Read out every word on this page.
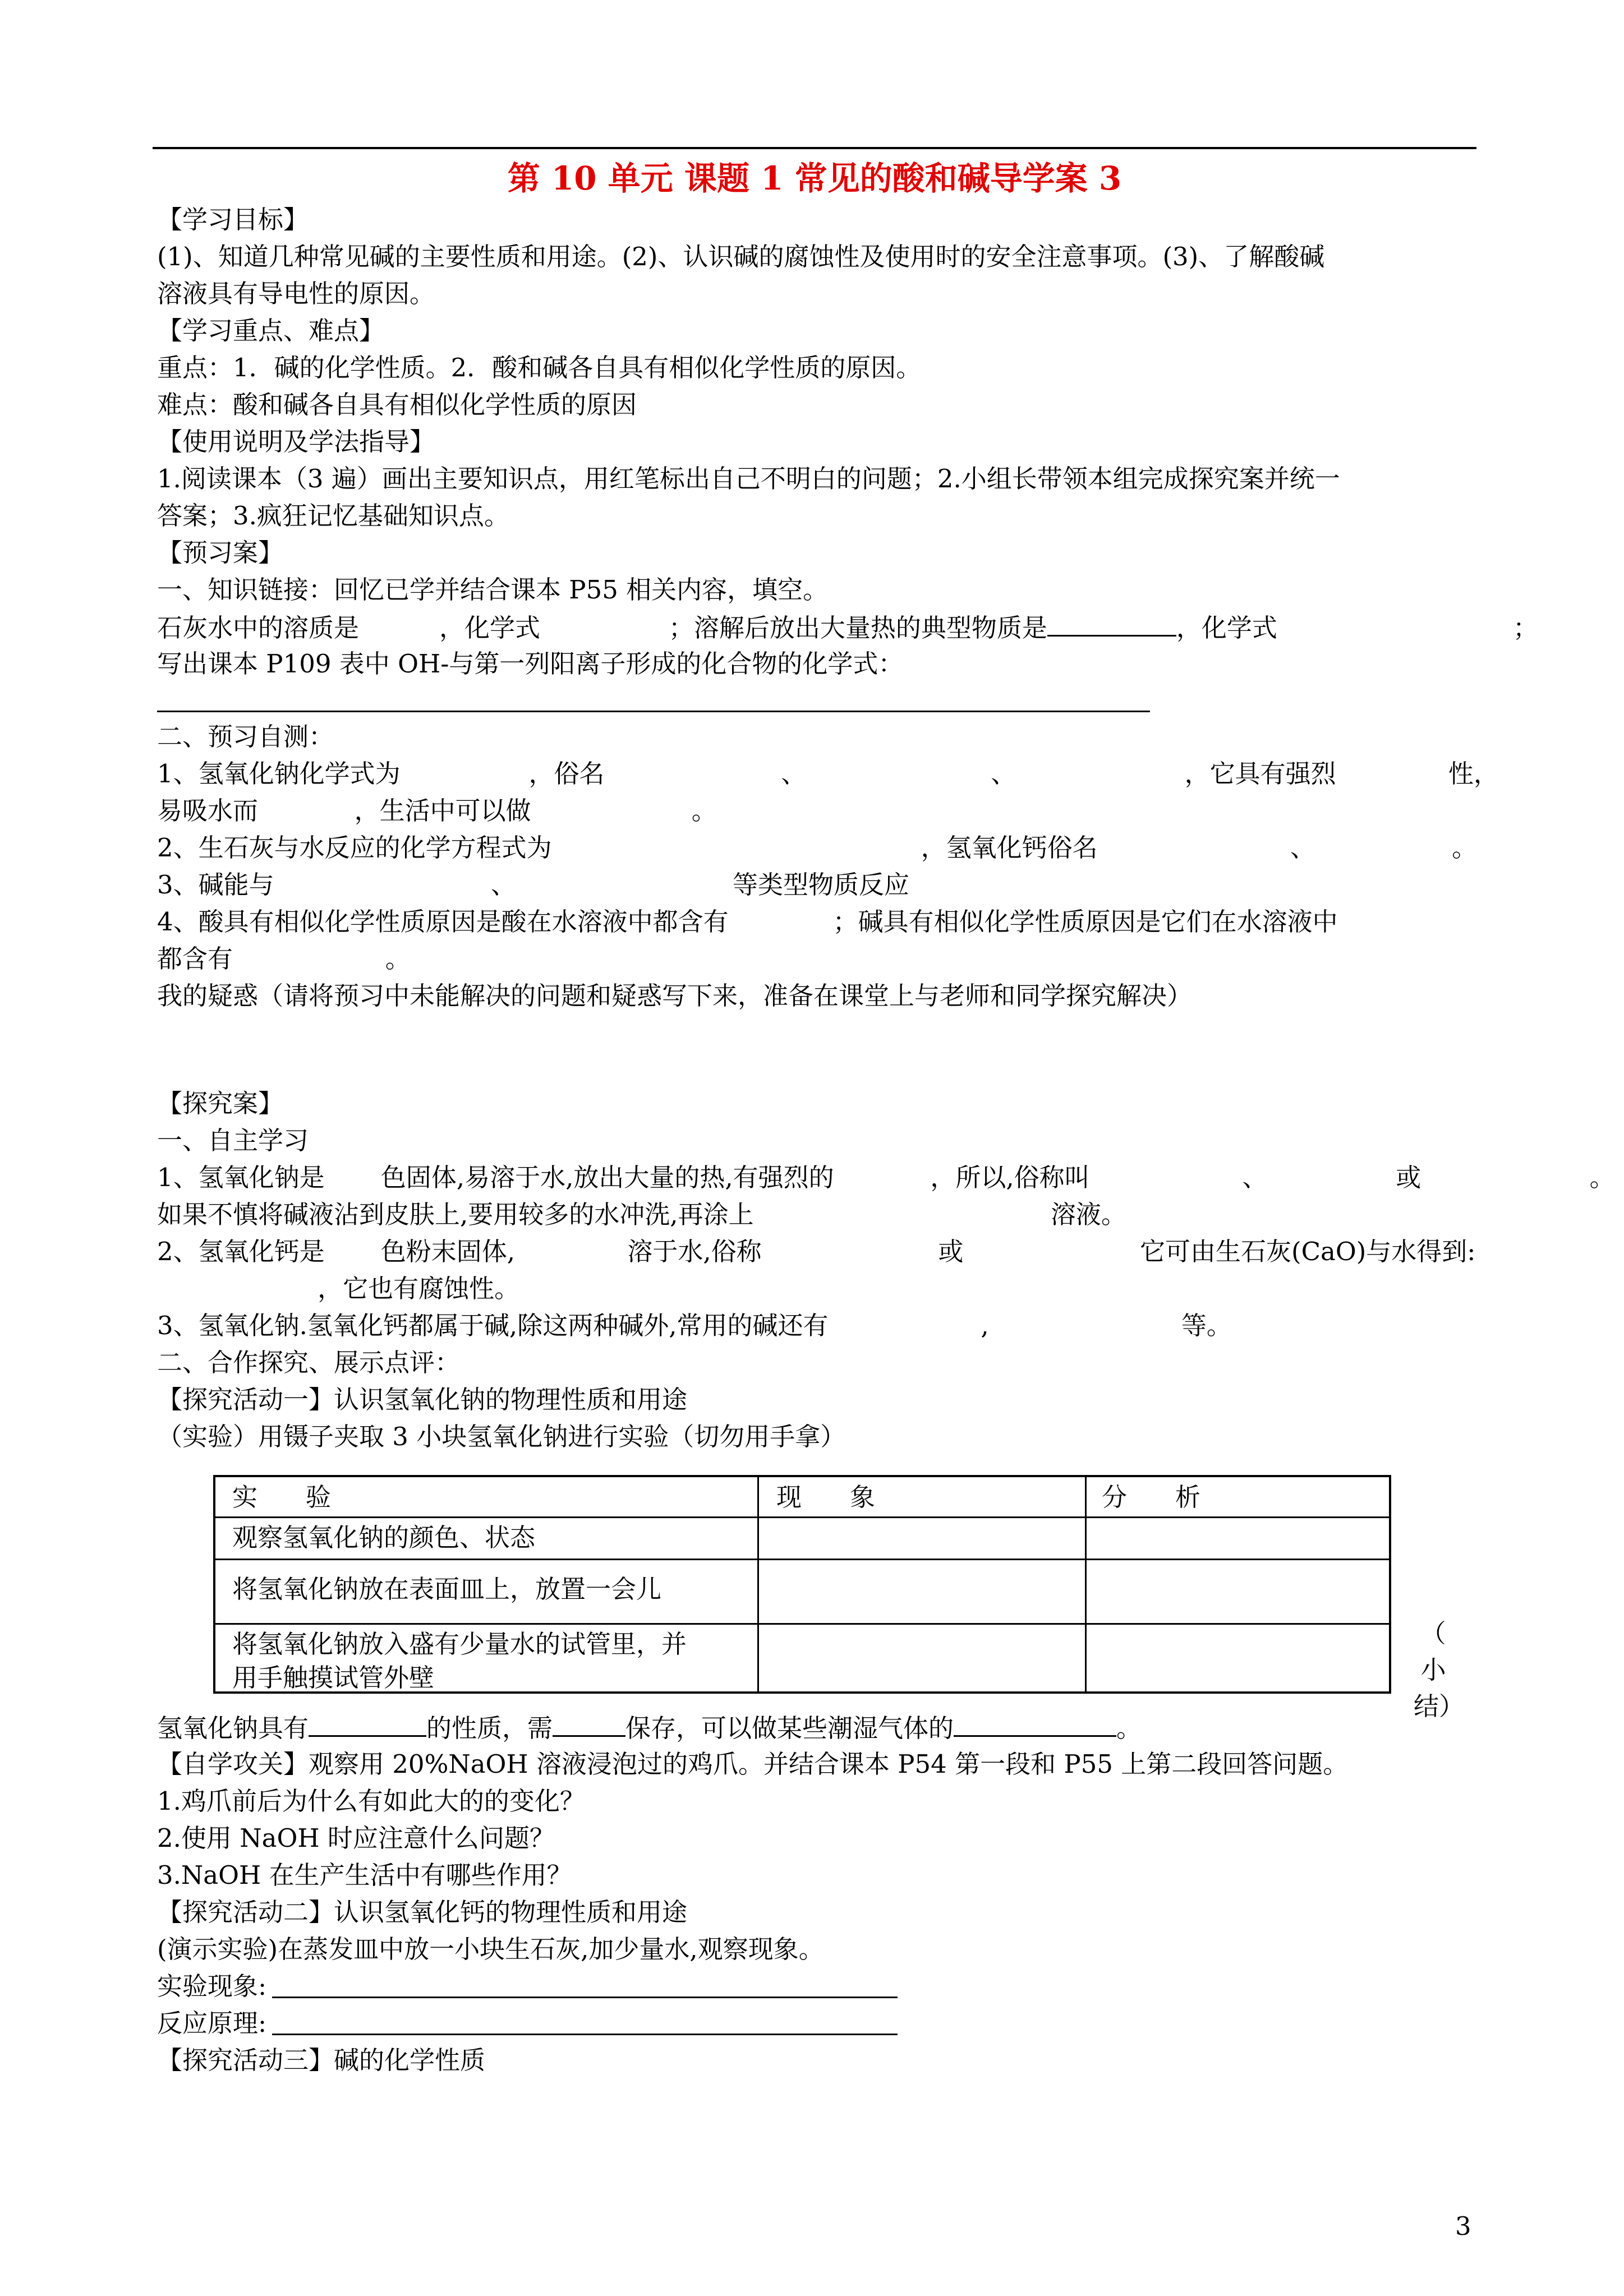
第 10 单元 课题 1 常见的酸和碱导学案 3
【学习目标】
(1)、知道几种常见碱的主要性质和用途。(2)、认识碱的腐蚀性及使用时的安全注意事项。(3)、了解酸碱
溶液具有导电性的原因。
【学习重点、难点】
重点：1．碱的化学性质。2．酸和碱各自具有相似化学性质的原因。
难点：酸和碱各自具有相似化学性质的原因
【使用说明及学法指导】
1.阅读课本（3 遍）画出主要知识点，用红笔标出自己不明白的问题；2.小组长带领本组完成探究案并统一
答案；3.疯狂记忆基础知识点。
【预习案】
一、知识链接：回忆已学并结合课本 P55 相关内容，填空。
石灰水中的溶质是          ，化学式                ；溶解后放出大量热的典型物质是	，化学式	；
写出课本 P109 表中 OH-与第一列阳离子形成的化合物的化学式：
二、预习自测：
1、氢氧化钠化学式为                ，俗名                      、                       、                     ，它具有强烈              性，
易吸水而            ，生活中可以做                    。
2、生石灰与水反应的化学方程式为                                              ，氢氧化钙俗名                        、                 。
3、碱能与                           、                           等类型物质反应
4、酸具有相似化学性质原因是酸在水溶液中都含有             ；碱具有相似化学性质原因是它们在水溶液中
都含有                   。
我的疑惑（请将预习中未能解决的问题和疑惑写下来，准备在课堂上与老师和同学探究解决）
【探究案】
一、自主学习
1、氢氧化钠是       色固体,易溶于水,放出大量的热,有强烈的            ，所以,俗称叫                   、                或                     。
如果不慎将碱液沾到皮肤上,要用较多的水冲洗,再涂上                                     溶液。
2、氢氧化钙是       色粉末固体,              溶于水,俗称                      或                      它可由生石灰(CaO)与水得到:
，它也有腐蚀性。
3、氢氧化钠.氢氧化钙都属于碱,除这两种碱外,常用的碱还有                   ,                        等。
二、合作探究、展示点评：
【探究活动一】认识氢氧化钠的物理性质和用途
（实验）用镊子夹取 3 小块氢氧化钠进行实验（切勿用手拿）
实      验	现      象	分      析
观察氢氧化钠的颜色、状态
将氢氧化钠放在表面皿上，放置一会儿
将氢氧化钠放入盛有少量水的试管里，并
用手触摸试管外壁
（
小
结）
氢氧化钠具有	的性质，需	保存，可以做某些潮湿气体的	。
【自学攻关】观察用 20%NaOH 溶液浸泡过的鸡爪。并结合课本 P54 第一段和 P55 上第二段回答问题。
1.鸡爪前后为什么有如此大的的变化？
2.使用 NaOH 时应注意什么问题？
3.NaOH 在生产生活中有哪些作用？
【探究活动二】认识氢氧化钙的物理性质和用途
(演示实验)在蒸发皿中放一小块生石灰,加少量水,观察现象。
实验现象:
反应原理:
【探究活动三】碱的化学性质
3
